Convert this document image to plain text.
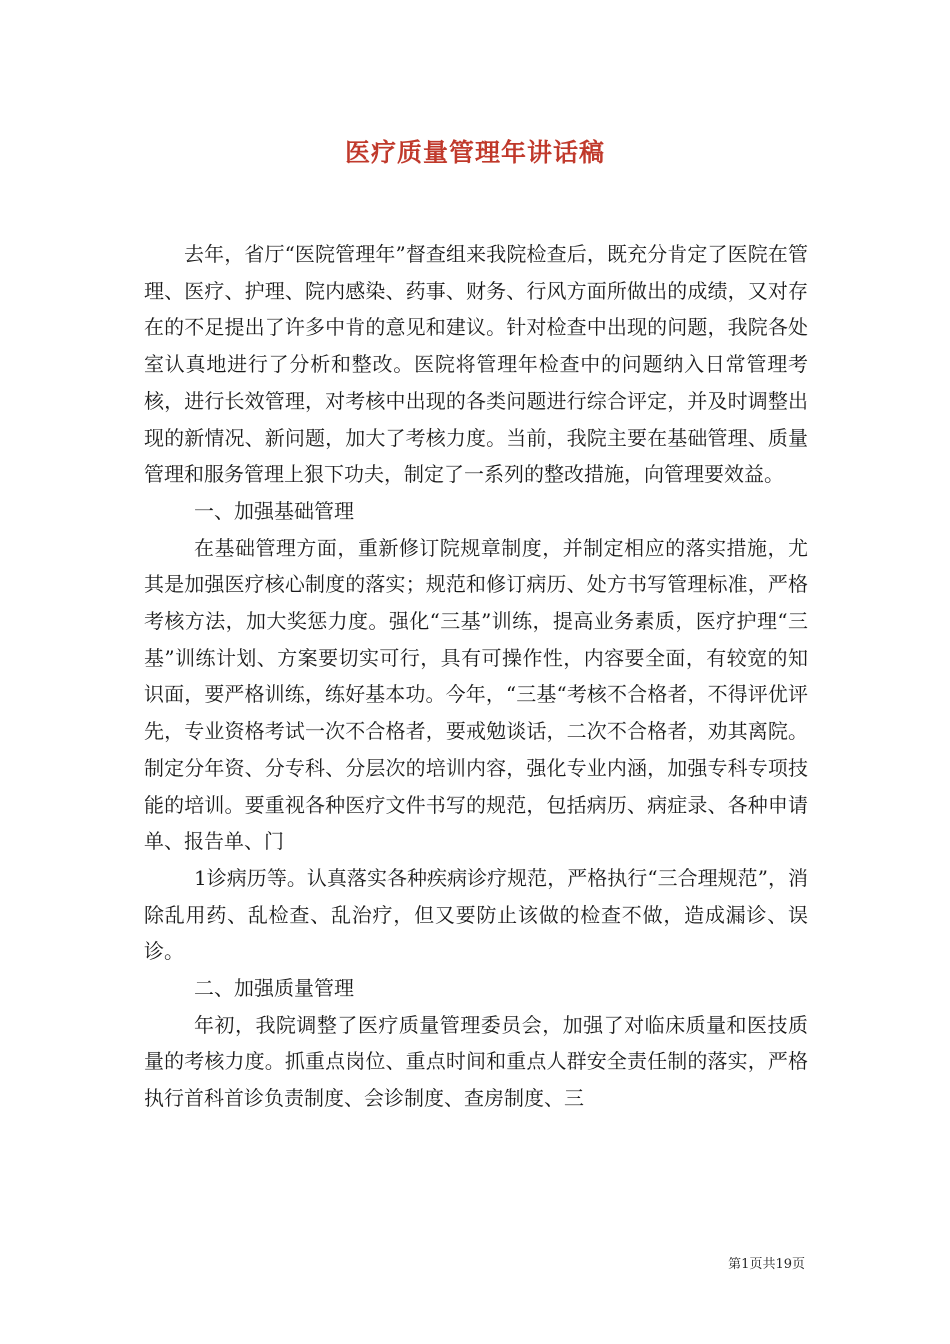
医疗质量管理年讲话稿

去年，省厅“医院管理年”督查组来我院检查后，既充分肯定了医院在管理、医疗、护理、院内感染、药事、财务、行风方面所做出的成绩，又对存在的不足提出了许多中肯的意见和建议。针对检查中出现的问题，我院各处室认真地进行了分析和整改。医院将管理年检查中的问题纳入日常管理考核，进行长效管理，对考核中出现的各类问题进行综合评定，并及时调整出现的新情况、新问题，加大了考核力度。当前，我院主要在基础管理、质量管理和服务管理上狠下功夫，制定了一系列的整改措施，向管理要效益。

一、加强基础管理

在基础管理方面，重新修订院规章制度，并制定相应的落实措施，尤其是加强医疗核心制度的落实；规范和修订病历、处方书写管理标准，严格考核方法，加大奖惩力度。强化“三基”训练，提高业务素质，医疗护理“三基”训练计划、方案要切实可行，具有可操作性，内容要全面，有较宽的知识面，要严格训练，练好基本功。今年，“三基“考核不合格者，不得评优评先，专业资格考试一次不合格者，要戒勉谈话，二次不合格者，劝其离院。制定分年资、分专科、分层次的培训内容，强化专业内涵，加强专科专项技能的培训。要重视各种医疗文件书写的规范，包括病历、病症录、各种申请单、报告单、门

1诊病历等。认真落实各种疾病诊疗规范，严格执行“三合理规范”，消除乱用药、乱检查、乱治疗，但又要防止该做的检查不做，造成漏诊、误诊。

二、加强质量管理

年初，我院调整了医疗质量管理委员会，加强了对临床质量和医技质量的考核力度。抓重点岗位、重点时间和重点人群安全责任制的落实，严格执行首科首诊负责制度、会诊制度、查房制度、三

第1页共19页
